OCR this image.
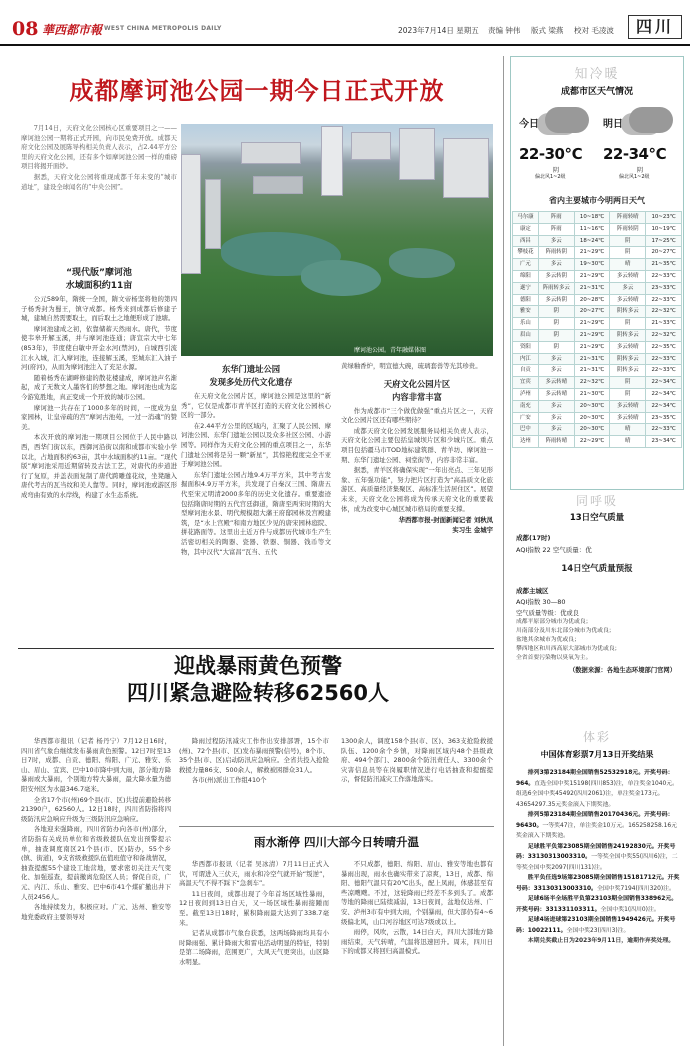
08 華西都市報 WEST CHINA METROPOLIS DAILY	2023年7月14日 星期五 责编 钟伟 版式 梁燕 校对 毛凌波	四川
成都摩诃池公园一期今日正式开放

7月14日，天府文化公园核心区重要项目之一——摩诃池公园一期将正式开园，向市民免费开放。成都天府文化公园及展陈导构相关负责人表示，占2.44平方公里的天府文化公园，还有多个如摩诃池公园一样的重磅项目将揭开面纱。

据悉，天府文化公园将重现成都千年未变的“城市道址”，建设全球闻名的“中央公园”。

“现代版”摩诃池
水域面积约11亩

公元589年，隋统一全国，隋文帝杨坚将他的第四子杨秀封为蜀王，镇守成都。杨秀来到成都后修建子城，建城自然需要取土，而后取土之地便形成了池塘。

摩诃池建成之初，依靠储蓄天然雨水。唐代，节度使韦皋开解玉溪，并与摩诃池连通；唐宣宗大中七年(853年)，节度使白敏中开金水河(禁河)，自城西引流江水入城，汇入摩诃池，连接解玉溪，至城东汇入油子河(府河)，从而为摩诃池注入了充足水源。

随着杨秀在湖畔修建的散花楼建成，摩诃池声名渐起，成了无数文人墨客们的梦想之地。摩诃池也成为迄今游览胜地，真正变成一个开放的城市公园。

摩诃池一共存在了1000多年的时间，一度成为皇家园林，让皇帝疏的宫“摩诃古池苑，一过一消魂”的赞美。

本次开放的摩诃池一期项目公园位于人民中路以西，西华门街以东，西御河沿街以南和成都市实验小学以北，占地面积约63亩，其中水域面积约11亩。“现代版”摩诃池采用近期留转及古法工艺，对唐代的步道进行了复原，并盖表面复制了唐代跨雕莲花纹，坐凳融入唐代考古的瓦当纹和美人靠等。同时，摩诃池或游区形成弯曲有致的水岸线，构建了水生态系统。

摩诃池公园。青年融媒体图
东华门遗址公园
发现多处历代文化遗存

在天府文化公园片区，摩诃池公园是这里的“新秀”，它仅是成都市青羊区打造的天府文化公园核心区的一部分。

在2.44平方公里的区域内，汇聚了人民公园、摩诃池公园、东华门遗址公园以及众多社区公园、小游园等。同样作为天府文化公园的重点项目之一，东华门遗址公园将是另一颗“新星”，其惊艳程度完全不亚于摩诃池公园。

东华门遗址公园占地9.4万平方米，其中考古发掘面积4.9万平方米，共发现了自秦汉三国、隋唐五代至宋元明清2000多年的历史文化遗存。重要遗迹包括隋唐时期的五代宫廷御道，隋唐至两宋时期的大型摩诃池水景、明代规模超大藩王府邸园林及宫殿建筑，是“水上宫殿”和南方地区少见的唐宋园林庭院、拼花路面等。这里出土近万件与成都历代城市生产生活密切相关的陶器、瓷器、铁器、铜器、钱币等文物，其中汉代“大富昌”瓦当、五代

黄绿釉香炉，明宣德大碗，琉璃套兽等光其珍贵。

天府文化公园片区
内容非常丰富

作为成都市“三个做优做强”重点片区之一，天府文化公园片区还有哪些期待？

成都天府文化公园发展服务局相关负责人表示，天府文化公园主要包括皇城坝片区和少城片区。重点项目包括疆马市TOD地标建筑群、青羊坊、摩诃池一期、东华门遗址公园、祠堂街等，内容非常丰富。

据悉，青羊区将确保实现“一年出亮点、三年见形象、五年强功能”，努力把片区打造为“高品质文化旅游区、高质量经济集聚区、高标准生活居住区”。展望未来，天府文化公园将成为传承天府文化的重要载体，成为改变中心城区城市格局的重要支撑。

华西都市报-封面新闻记者 刘秋凤

实习生 金城宇

迎战暴雨黄色预警
四川紧急避险转移62560人

华西都市报讯（记者 杨丹宁）7月12日16时，四川省气象台继续发布暴雨黄色预警。12日7时至13日7时，成都、自贡、德阳、绵阳、广元、雅安、乐山、眉山、宜宾、巴中10市降中到大雨，部分地方降暴雨或大暴雨，个别地方特大暴雨，最大降水量为德阳安州区为水最346.7毫米。

全省17个市(州)69个县(市、区)共提前避险转移21390户，62560人。12日18时，四川省防指将四级防汛应急响应升级为三级防汛应急响应。

各地迎来强降雨，四川省防办向各市(州)部分，省防指有关成员单位和省级救援队伍发出预警提示单，抽查调度南区21个县(市、区)防办，55个乡(镇、街道)，9支省级救援队伍值班值守和备战情况，抽查提醒55个建设工地营地，要求密切关注天气变化、加强巡查，提前撤离危险区人员；督促自贡，广元、内江、乐山、雅安、巴中6市41个煤矿撤出井下人员2456人。

各地持续发力，积极应对。广元、达州、雅安等地党委政府主要领导对

降雨过程防汛减灾工作作出安排部署，15个市(州)、72个县(市、区)发布暴雨预警(信号)，8个市、35个县(市、区)启动防汛应急响应。全省共投入抢险救援力量86支、500余人，解救被困群众31人。

各市(州)派出工作组410个

1300余人，调度158个县(市、区)、363支抢险救援队伍、1200余个乡镇，对降雨区域内48个县级政府、494个部门、2800余个防汛责任人、3300余个灾害信息员等在岗履职情况进行电话抽查和提醒提示，督促防汛减灾工作落地落实。

雨水渐停 四川大部今日转晴升温

华西都市报讯（记者 吴冰清）7月11日正式入伏，可谓进入三伏天，雨水和冷空气就开始“叛逆”，高温天气不得不踩下“急刹车”。

11日夜间，成都出现了今年首场区域性暴雨，12日夜间到13日白天，又一场区域性暴雨接踵而至。截至13日18时，累积降雨最大达到了338.7毫米。

记者从成都市气象台获悉，这两场降雨均具有小时降雨强、累计降雨大和雷电活动明显的特征，特别是第二场降雨，范围更广，大风天气更突出，山区降水明显。

不只成都，德阳、绵阳、眉山、雅安等地也都有暴雨出现，雨水也确实带来了凉爽，13日，成都、绵阳、德阳气温只有20℃出头，配上凤雨，体感甚至有些凉飕飕。不过，这轮降雨已经差不多到头了。成都等地的降雨已陆续减弱，13日夜间，盆地仅达州、广安、泸州3市有中到大雨，个别暴雨，但大部仍有4~6级偏北风，山口河谷地区可达7级或以上。

雨停，风吹，云散，14日白天，四川大部地方降雨结束，天气转晴，气温将迅速回升。周末，四川日下的成都又将回归高温模式。

知冷暖
成都市区天气情况
今日
22-30℃
阴
偏北风1~2级
明日
22-34℃
阴
偏北风1~2级
省内主要城市今明两日天气
马尔康	阵雨	10~18℃	阵雨转晴	10~23℃
康定	阵雨	11~16℃	阵雨转阴	10~19℃
西昌	多云	18~24℃	阴	17~25℃
攀枝花	阵雨转阴	21~29℃	阴	20~27℃
广元	多云	19~30℃	晴	21~35℃
绵阳	多云转阴	21~29℃	多云转晴	22~33℃
遂宁	阵雨转多云	21~31℃	多云	23~33℃
德阳	多云转阴	20~28℃	多云转晴	22~33℃
雅安	阴	20~27℃	阴转多云	22~32℃
乐山	阴	21~29℃	阴	21~33℃
眉山	阴	21~29℃	阴转多云	22~32℃
资阳	阴	21~29℃	多云转晴	22~35℃
内江	多云	21~31℃	阴转多云	22~33℃
自贡	多云	21~31℃	阴转多云	22~33℃
宜宾	多云转晴	22~32℃	阴	22~34℃
泸州	多云转晴	21~30℃	阴	22~34℃
南充	多云	20~30℃	多云转晴	22~34℃
广安	多云	20~30℃	多云转晴	23~35℃
巴中	多云	20~30℃	晴	22~33℃
达州	阵雨转晴	22~29℃	晴	23~34℃
同呼吸
13日空气质量
成都(17时)
AQI指数 22 空气质量：优
14日空气质量预报
成都主城区
AQI指数 30—80
空气质量等级：优或良
成都平原部分城市为优或良；
川南部分及川东北部分城市为优或良；
盆地其余城市为优或良；
攀西地区和川西高原大部城市为优或良；
全省首要污染物以臭氧为主。
（数据来源：各地生态环境部门官网）
体彩
中国体育彩票7月13日开奖结果

排列3第23184期全国销售52532918元。开奖号码：964。直选全国中奖15198(四川853)注，单注奖金1040元。组选6全国中奖45492(四川2061)注，单注奖金173元。43654297.35元奖金滚入下期奖池。

排列5第23184期全国销售20170436元。开奖号码：96430。一等奖47注，单注奖金10万元。165258258.16元奖金滚入下期奖池。

足球胜平负第23085期全国销售24192830元。开奖号码：33130313003310。一等奖全国中奖55(四川6)注，二等奖全国中奖2097(四川131)注。

胜平负任选9场第23085期全国销售15181712元。开奖号码：33130313003310。全国中奖7194(四川320)注。

足球6场半全场胜平负第23103期全国销售338962元。开奖号码：331331103311。全国中奖1(四川0)注。

足球4场进球第23103期全国销售1949426元。开奖号码：10022111。全国中奖23(四川3)注。

本期兑奖截止日为2023年9月11日，逾期作弃奖处理。
